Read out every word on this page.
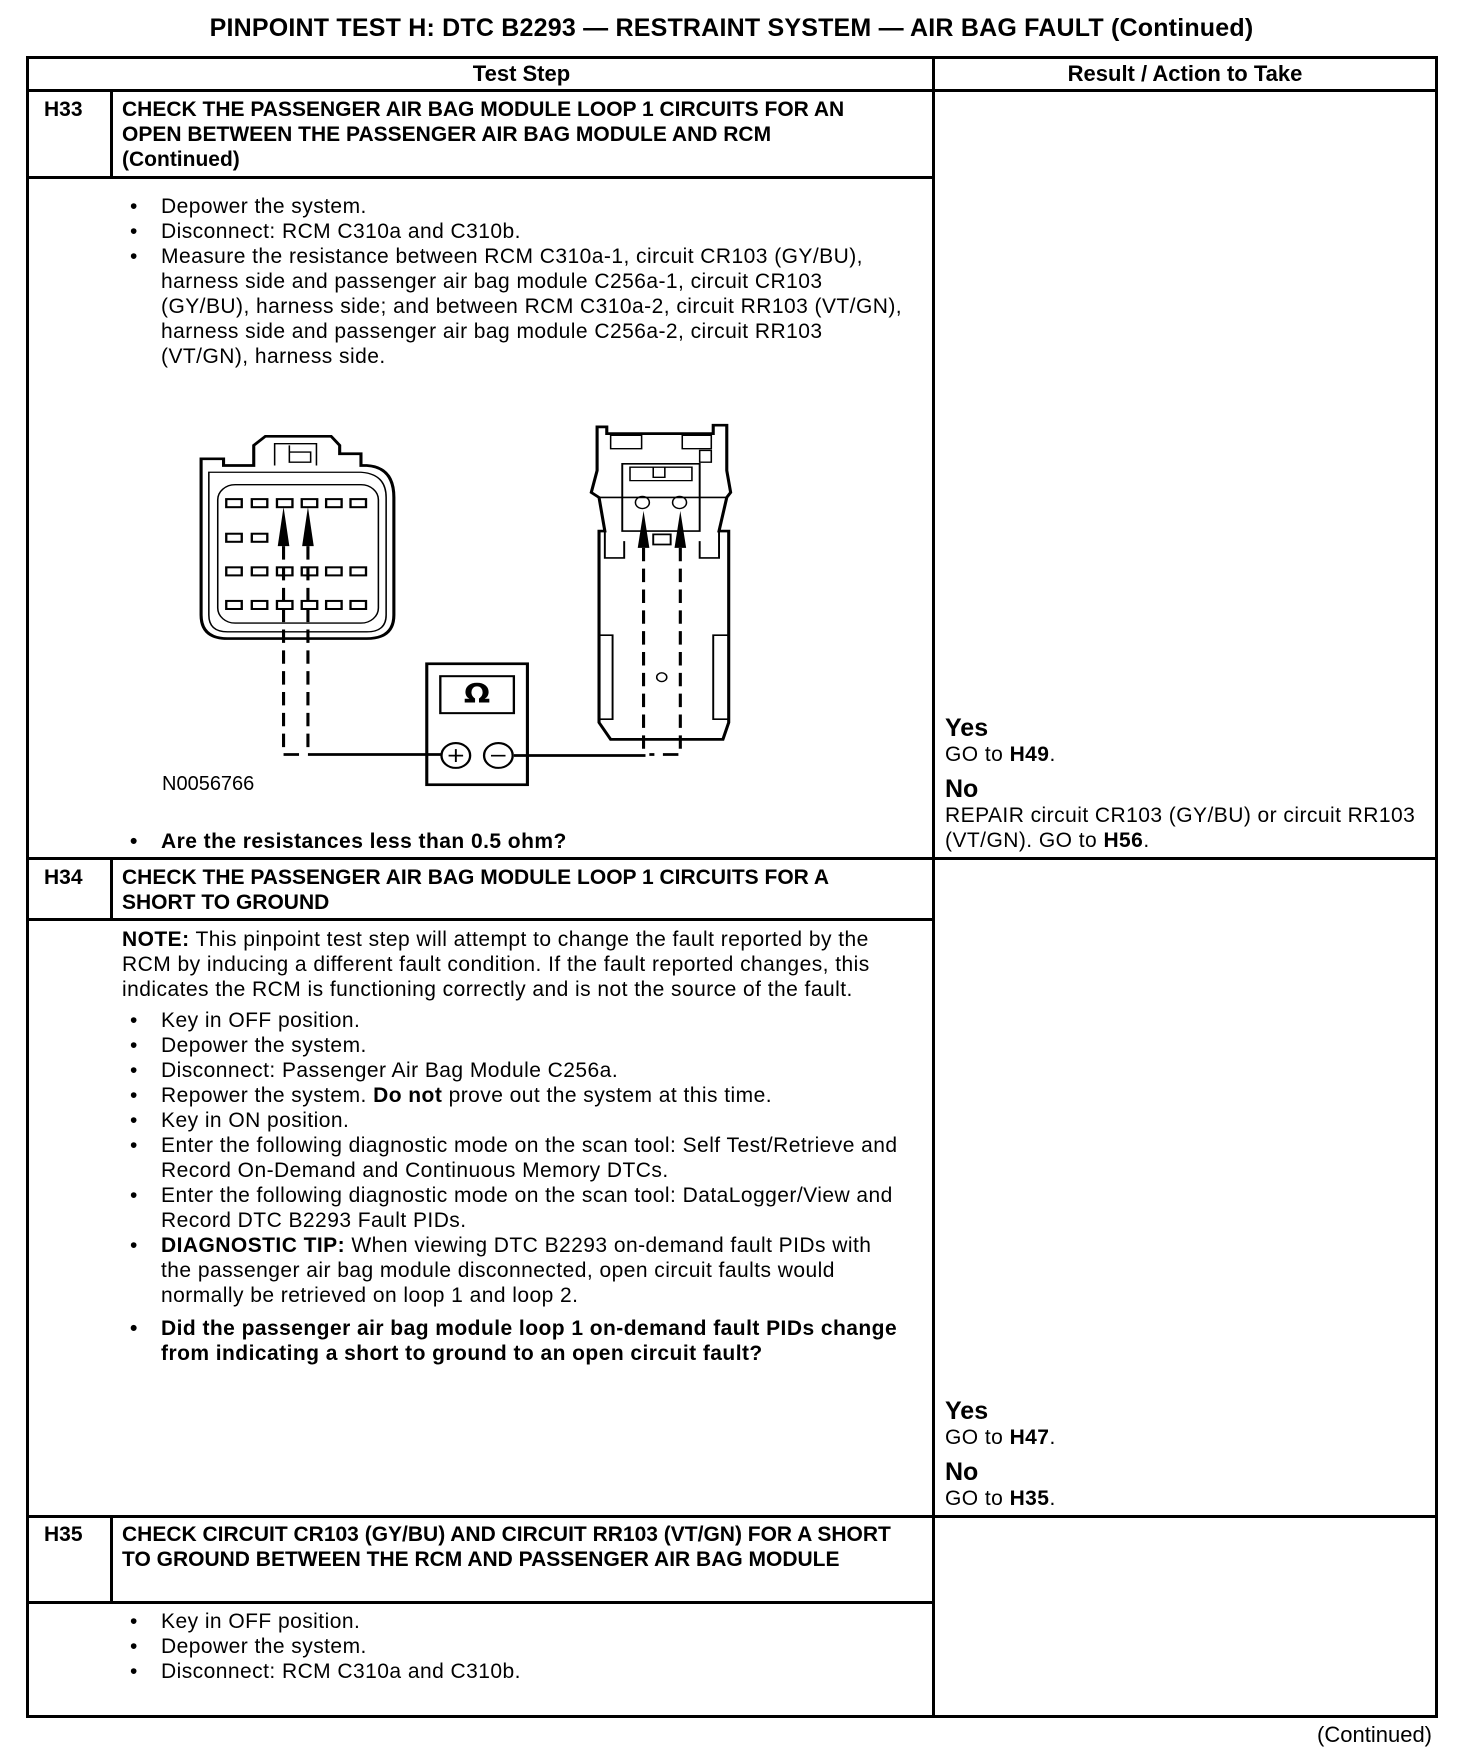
PINPOINT TEST H: DTC B2293 — RESTRAINT SYSTEM — AIR BAG FAULT (Continued)
Test Step	Result / Action to Take
H33 CHECK THE PASSENGER AIR BAG MODULE LOOP 1 CIRCUITS FOR AN OPEN BETWEEN THE PASSENGER AIR BAG MODULE AND RCM (Continued)
• Depower the system.
• Disconnect: RCM C310a and C310b.
• Measure the resistance between RCM C310a-1, circuit CR103 (GY/BU), harness side and passenger air bag module C256a-1, circuit CR103 (GY/BU), harness side; and between RCM C310a-2, circuit RR103 (VT/GN), harness side and passenger air bag module C256a-2, circuit RR103 (VT/GN), harness side.
Ω
+ −
N0056766
• Are the resistances less than 0.5 ohm?
Yes
GO to H49.
No
REPAIR circuit CR103 (GY/BU) or circuit RR103 (VT/GN). GO to H56.
H34 CHECK THE PASSENGER AIR BAG MODULE LOOP 1 CIRCUITS FOR A SHORT TO GROUND
NOTE: This pinpoint test step will attempt to change the fault reported by the RCM by inducing a different fault condition. If the fault reported changes, this indicates the RCM is functioning correctly and is not the source of the fault.
• Key in OFF position.
• Depower the system.
• Disconnect: Passenger Air Bag Module C256a.
• Repower the system. Do not prove out the system at this time.
• Key in ON position.
• Enter the following diagnostic mode on the scan tool: Self Test/Retrieve and Record On-Demand and Continuous Memory DTCs.
• Enter the following diagnostic mode on the scan tool: DataLogger/View and Record DTC B2293 Fault PIDs.
• DIAGNOSTIC TIP: When viewing DTC B2293 on-demand fault PIDs with the passenger air bag module disconnected, open circuit faults would normally be retrieved on loop 1 and loop 2.
• Did the passenger air bag module loop 1 on-demand fault PIDs change from indicating a short to ground to an open circuit fault?
Yes
GO to H47.
No
GO to H35.
H35 CHECK CIRCUIT CR103 (GY/BU) AND CIRCUIT RR103 (VT/GN) FOR A SHORT TO GROUND BETWEEN THE RCM AND PASSENGER AIR BAG MODULE
• Key in OFF position.
• Depower the system.
• Disconnect: RCM C310a and C310b.
(Continued)
